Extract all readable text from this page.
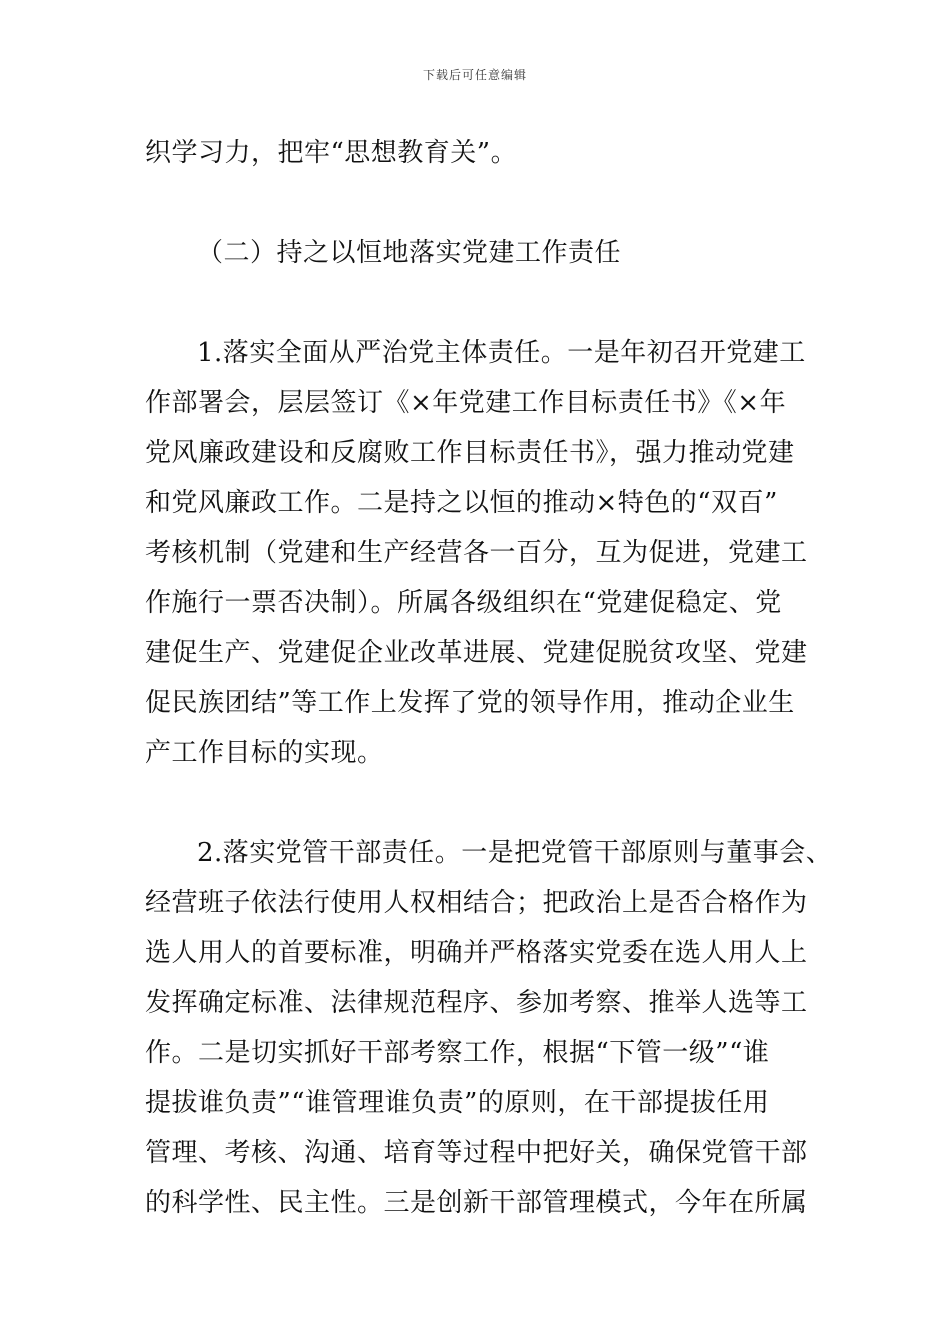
下载后可任意编辑
织学习力，把牢“思想教育关”。
（二）持之以恒地落实党建工作责任
1.落实全面从严治党主体责任。一是年初召开党建工
作部署会，层层签订《×年党建工作目标责任书》《×年
党风廉政建设和反腐败工作目标责任书》，强力推动党建
和党风廉政工作。二是持之以恒的推动×特色的“双百”
考核机制（党建和生产经营各一百分，互为促进，党建工
作施行一票否决制）。所属各级组织在“党建促稳定、党
建促生产、党建促企业改革进展、党建促脱贫攻坚、党建
促民族团结”等工作上发挥了党的领导作用，推动企业生
产工作目标的实现。
2.落实党管干部责任。一是把党管干部原则与董事会、
经营班子依法行使用人权相结合；把政治上是否合格作为
选人用人的首要标准，明确并严格落实党委在选人用人上
发挥确定标准、法律规范程序、参加考察、推举人选等工
作。二是切实抓好干部考察工作，根据“下管一级”“谁
提拔谁负责”“谁管理谁负责”的原则，在干部提拔任用
管理、考核、沟通、培育等过程中把好关，确保党管干部
的科学性、民主性。三是创新干部管理模式，今年在所属
